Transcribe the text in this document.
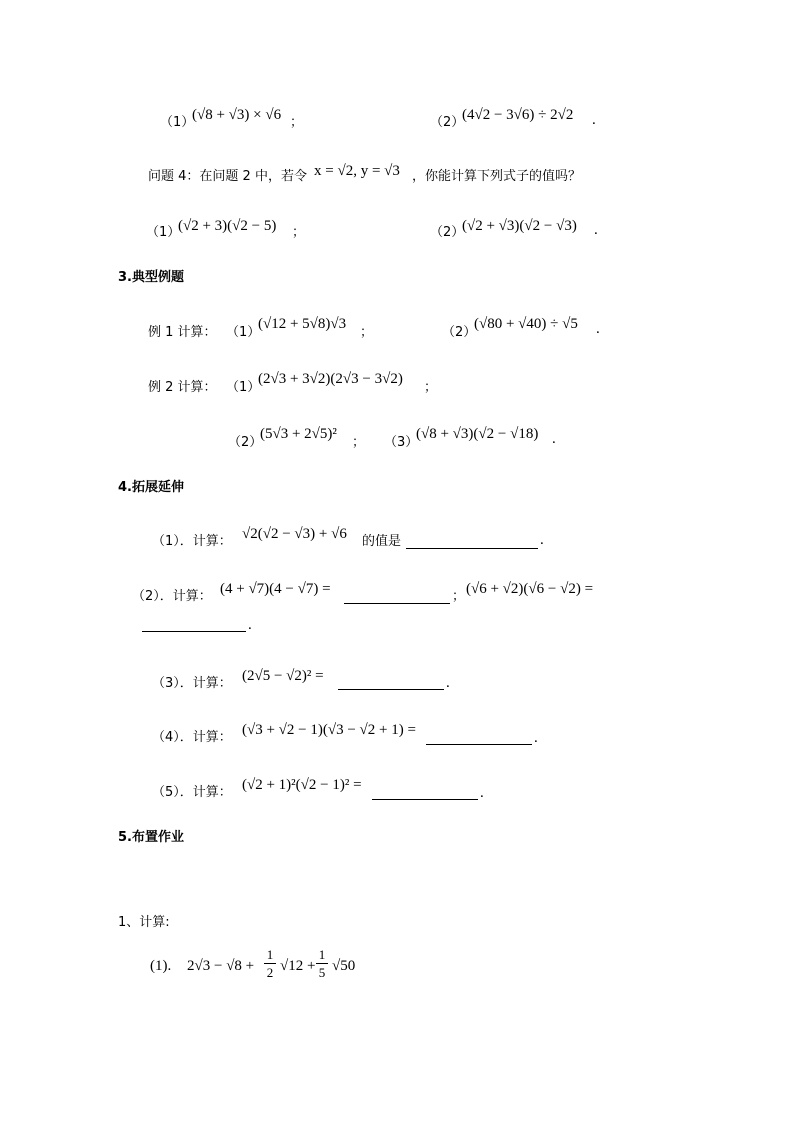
（1）
(√8 + √3) × √6 ；	（2）
(4√2 − 3√6) ÷ 2√2 .
问题 4：在问题 2 中，若令 x = √2, y = √3 ，你能计算下列式子的值吗？
（1）
(√2 + 3)(√2 − 5) ；	（2）
(√2 + √3)(√2 − √3) .
3.典型例题
例 1 计算： （1）
(√12 + 5√8)√3
；	（2）
(√80 + √40) ÷ √5 .
例 2 计算： （1）
(2√3 + 3√2)(2√3 − 3√2)
；
（2）
(5√3 + 2√5)²
； （3）
(√8 + √3)(√2 − √18) .
4.拓展延伸
（1）．计算： √2(√2 − √3) + √6 的值是	.
（2）．计算： (4 + √7)(4 − √7) =	； (√6 + √2)(√6 − √2) =
.
（3）．计算： (2√5 − √2)² =	.
（4）．计算： (√3 + √2 − 1)(√3 − √2 + 1) =	.
（5）．计算： (√2 + 1)²(√2 − 1)² =	.
5.布置作业
1、计算:
(1). 2√3 − √8 +
1
2 √12 +
1
5 √50
